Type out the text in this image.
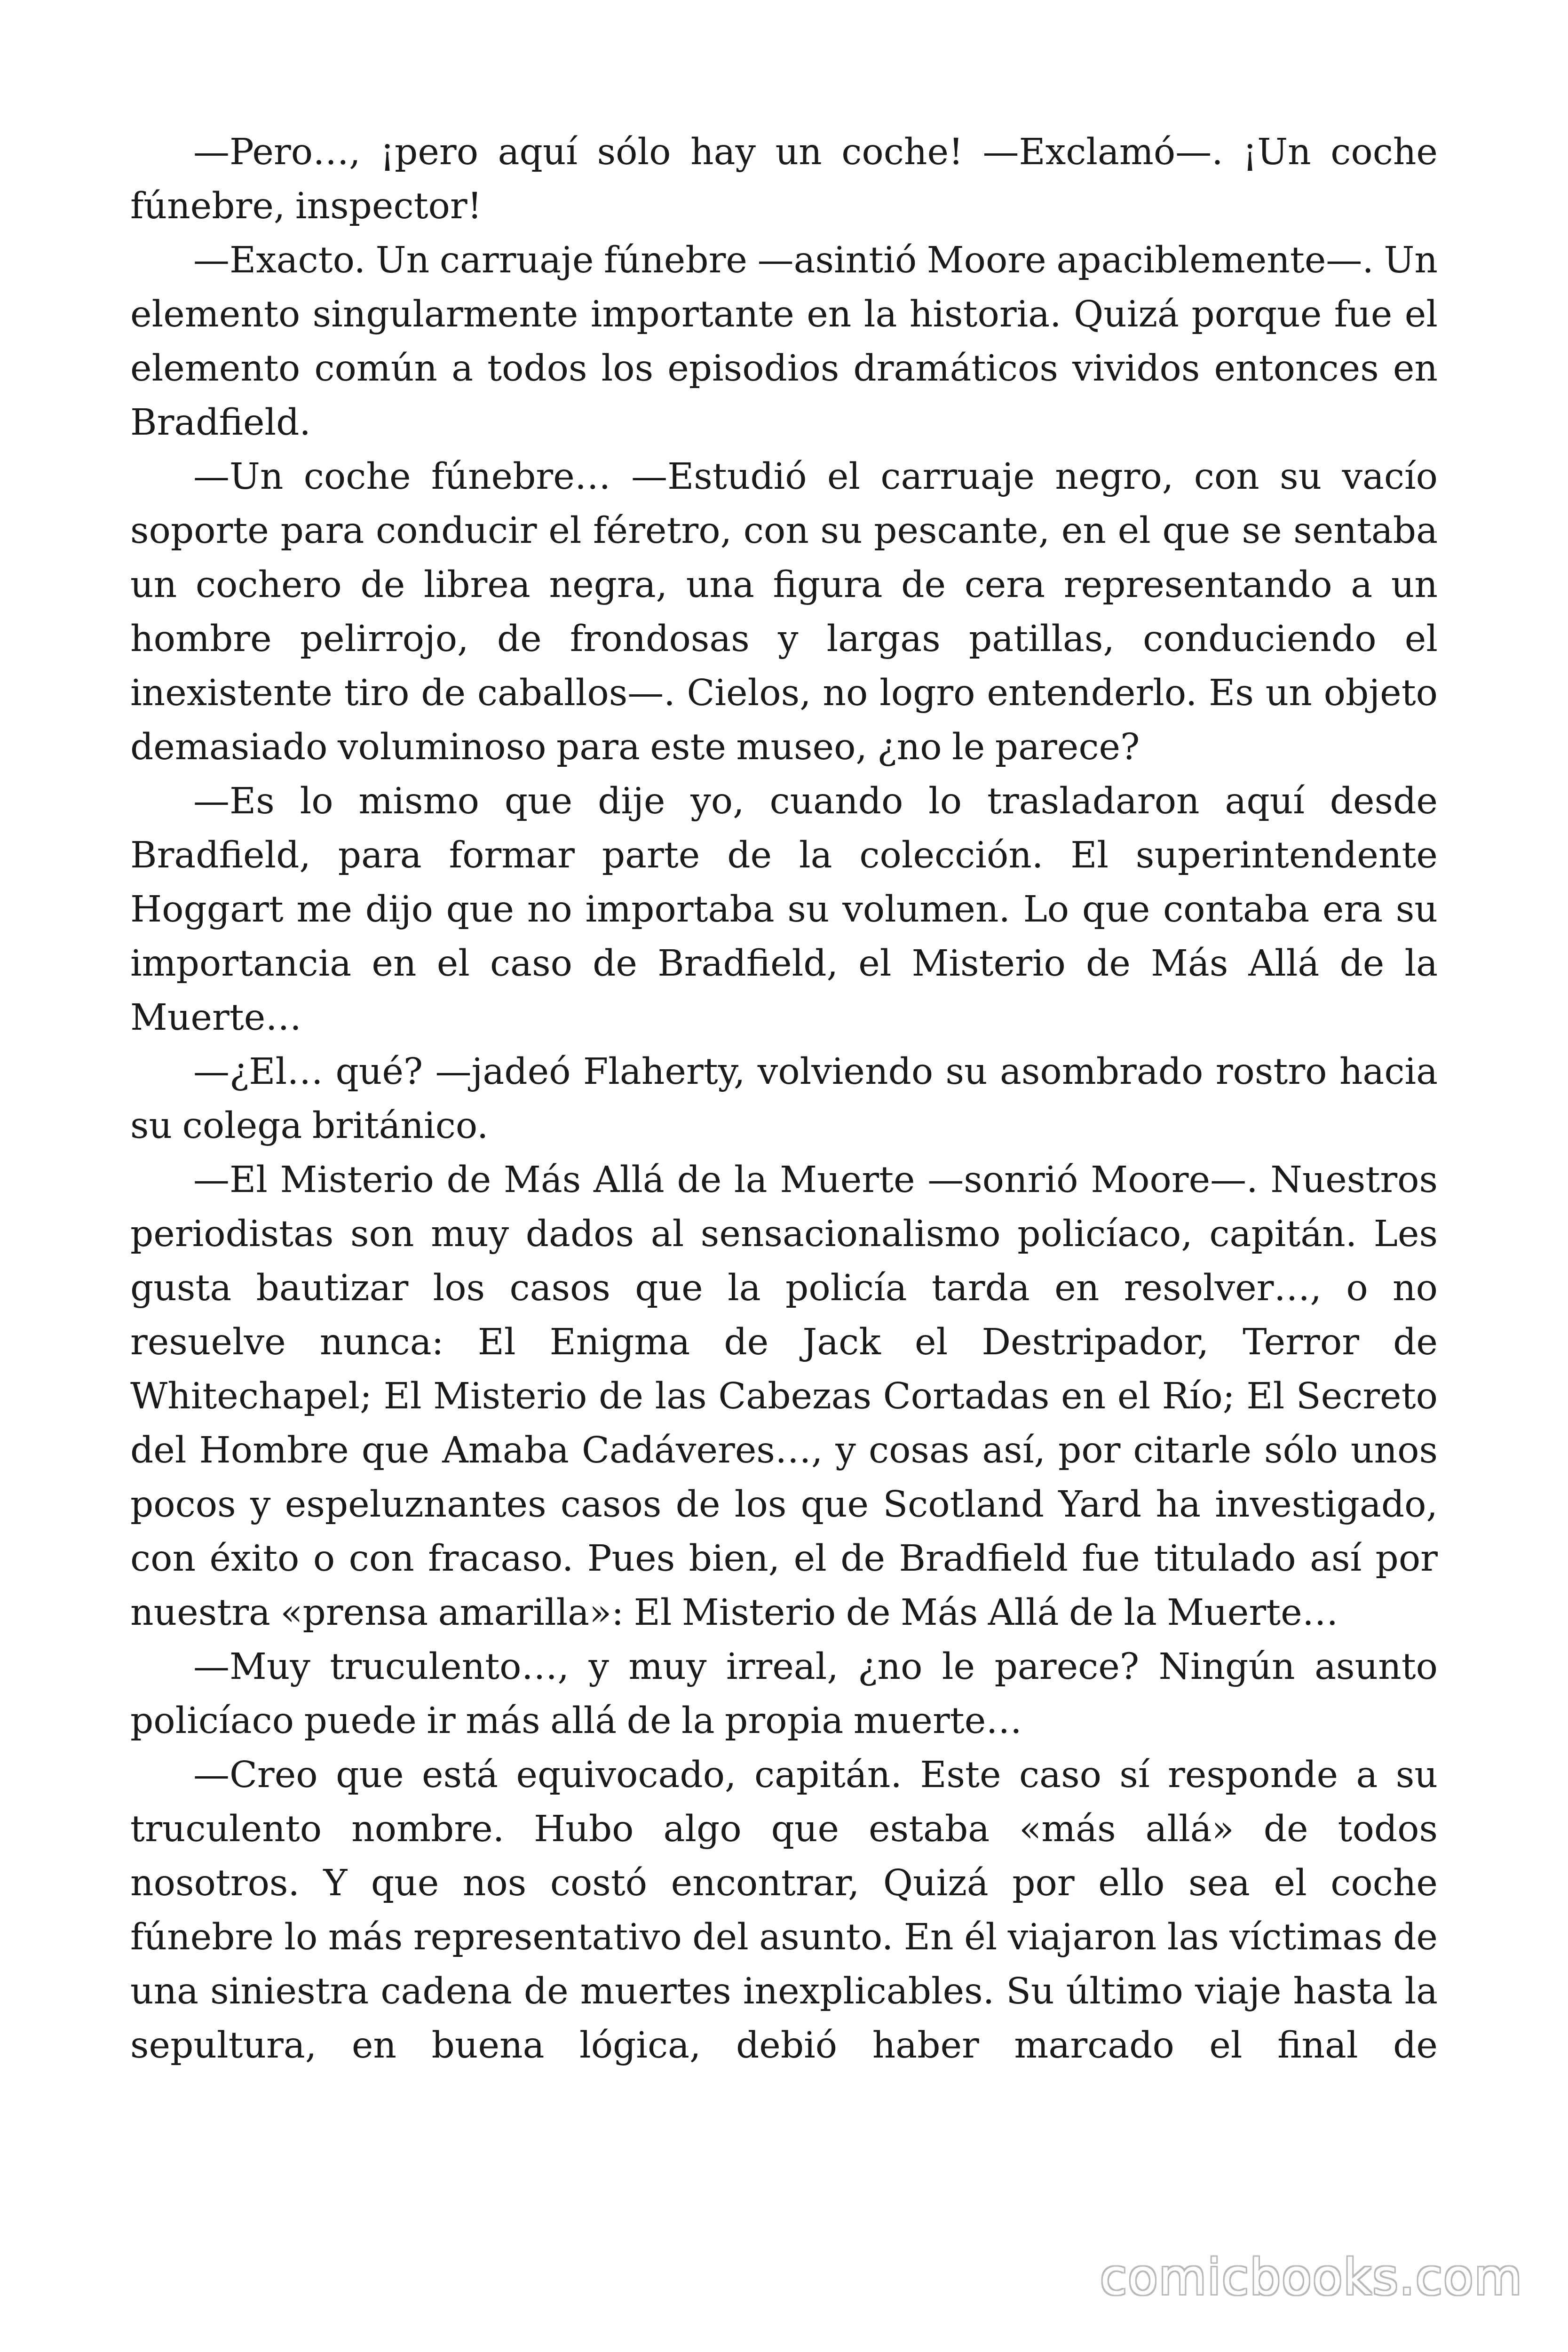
—Pero…, ¡pero aquí sólo hay un coche! —Exclamó—. ¡Un coche fúnebre, inspector!

—Exacto. Un carruaje fúnebre —asintió Moore apaciblemente—. Un elemento singularmente importante en la historia. Quizá porque fue el elemento común a todos los episodios dramáticos vividos entonces en Bradfield.

—Un coche fúnebre… —Estudió el carruaje negro, con su vacío soporte para conducir el féretro, con su pescante, en el que se sentaba un cochero de librea negra, una figura de cera representando a un hombre pelirrojo, de frondosas y largas patillas, conduciendo el inexistente tiro de caballos—. Cielos, no logro entenderlo. Es un objeto demasiado voluminoso para este museo, ¿no le parece?

—Es lo mismo que dije yo, cuando lo trasladaron aquí desde Bradfield, para formar parte de la colección. El superintendente Hoggart me dijo que no importaba su volumen. Lo que contaba era su importancia en el caso de Bradfield, el Misterio de Más Allá de la Muerte…

—¿El… qué? —jadeó Flaherty, volviendo su asombrado rostro hacia su colega británico.

—El Misterio de Más Allá de la Muerte —sonrió Moore—. Nuestros periodistas son muy dados al sensacionalismo policíaco, capitán. Les gusta bautizar los casos que la policía tarda en resolver…, o no resuelve nunca: El Enigma de Jack el Destripador, Terror de Whitechapel; El Misterio de las Cabezas Cortadas en el Río; El Secreto del Hombre que Amaba Cadáveres…, y cosas así, por citarle sólo unos pocos y espeluznantes casos de los que Scotland Yard ha investigado, con éxito o con fracaso. Pues bien, el de Bradfield fue titulado así por nuestra «prensa amarilla»: El Misterio de Más Allá de la Muerte…

—Muy truculento…, y muy irreal, ¿no le parece? Ningún asunto policíaco puede ir más allá de la propia muerte…

—Creo que está equivocado, capitán. Este caso sí responde a su truculento nombre. Hubo algo que estaba «más allá» de todos nosotros. Y que nos costó encontrar, Quizá por ello sea el coche fúnebre lo más representativo del asunto. En él viajaron las víctimas de una siniestra cadena de muertes inexplicables. Su último viaje hasta la sepultura, en buena lógica, debió haber marcado el final de

comicbooks.com
